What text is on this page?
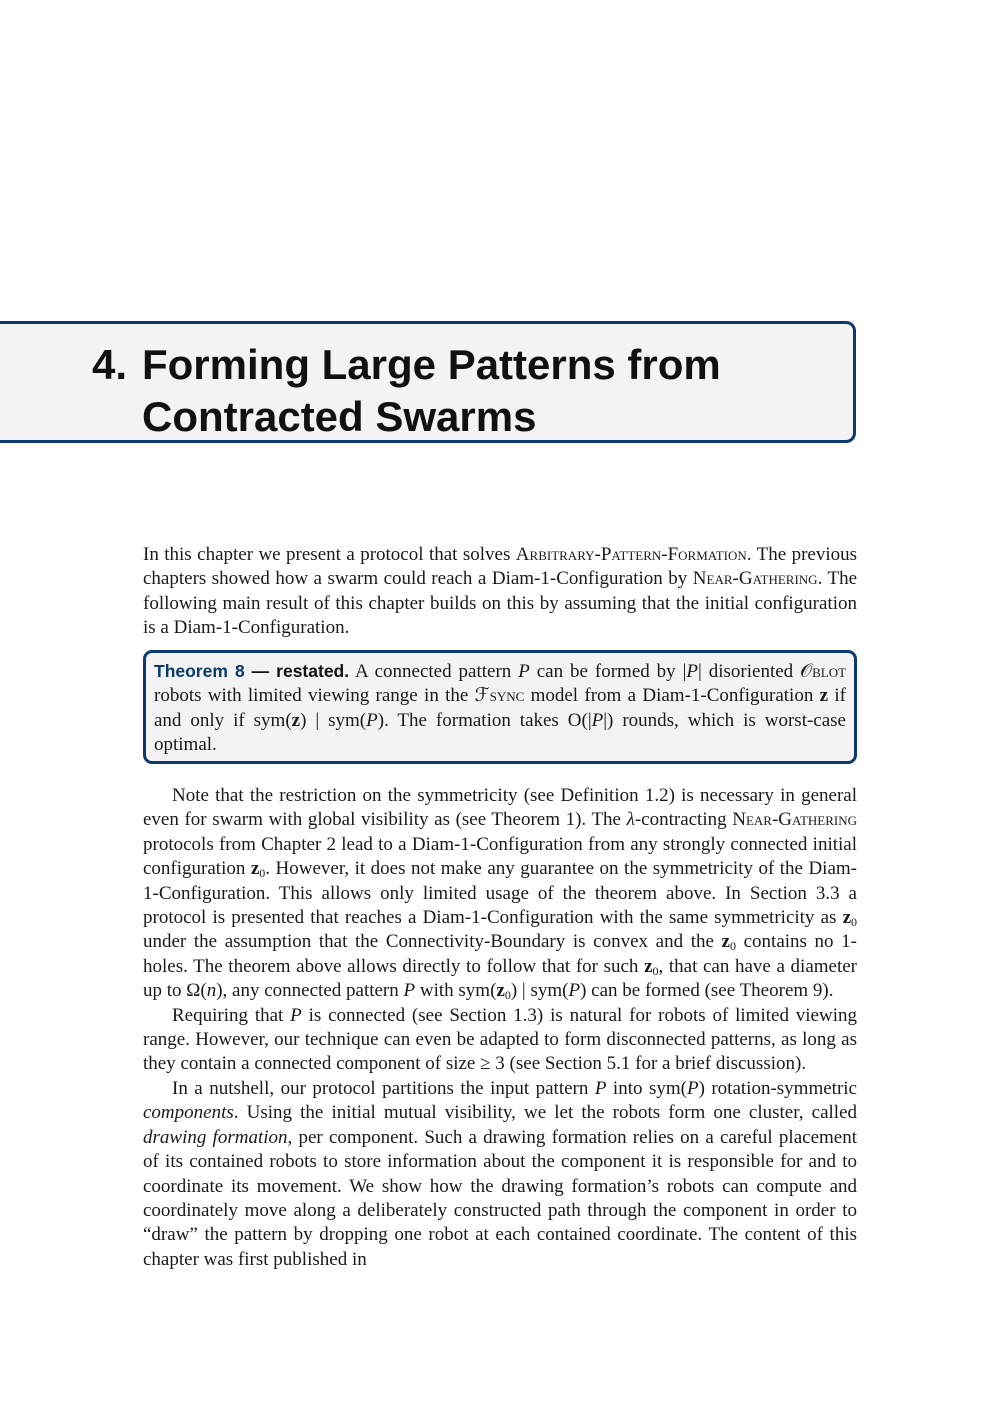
4. Forming Large Patterns from Contracted Swarms

In this chapter we present a protocol that solves Arbitrary-Pattern-Formation. The previous chapters showed how a swarm could reach a Diam-1-Configuration by Near-Gathering. The following main result of this chapter builds on this by assuming that the initial configuration is a Diam-1-Configuration.

Theorem 8 — restated. A connected pattern P can be formed by |P| disoriented 𝒪blot robots with limited viewing range in the ℱsync model from a Diam-1-Configuration z if and only if sym(z) | sym(P). The formation takes O(|P|) rounds, which is worst-case optimal.

Note that the restriction on the symmetricity (see Definition 1.2) is necessary in general even for swarm with global visibility as (see Theorem 1). The λ-contracting Near-Gathering protocols from Chapter 2 lead to a Diam-1-Configuration from any strongly connected initial configuration $z_0$. However, it does not make any guarantee on the symmetricity of the Diam-1-Configuration. This allows only limited usage of the theorem above. In Section 3.3 a protocol is presented that reaches a Diam-1-Configuration with the same symmetricity as $z_0$ under the assumption that the Connectivity-Boundary is convex and the $z_0$ contains no 1-holes. The theorem above allows directly to follow that for such $z_0$, that can have a diameter up to Ω(n), any connected pattern P with $sym(z_0)$ | sym(P) can be formed (see Theorem 9).

Requiring that P is connected (see Section 1.3) is natural for robots of limited viewing range. However, our technique can even be adapted to form disconnected patterns, as long as they contain a connected component of size ≥ 3 (see Section 5.1 for a brief discussion).

In a nutshell, our protocol partitions the input pattern P into sym(P) rotation-symmetric components. Using the initial mutual visibility, we let the robots form one cluster, called drawing formation, per component. Such a drawing formation relies on a careful placement of its contained robots to store information about the component it is responsible for and to coordinate its movement. We show how the drawing formation’s robots can compute and coordinately move along a deliberately constructed path through the component in order to “draw” the pattern by dropping one robot at each contained coordinate. The content of this chapter was first published in
